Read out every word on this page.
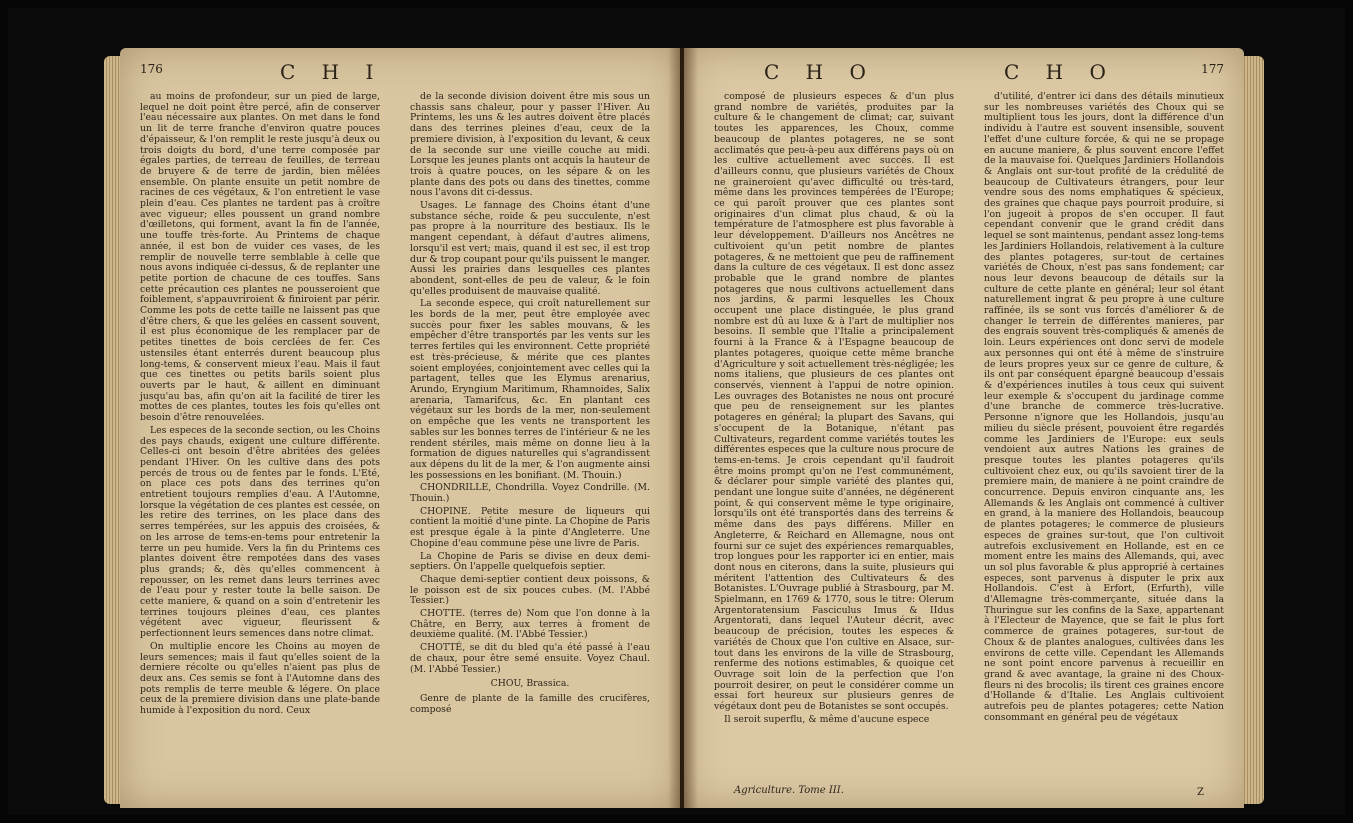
176	C H I

au moins de profondeur, sur un pied de large, lequel ne doit point être percé, afin de conserver l'eau nécessaire aux plantes. On met dans le fond un lit de terre franche d'environ quatre pouces d'épaisseur, & l'on remplit le reste jusqu'à deux ou trois doigts du bord, d'une terre composée par égales parties, de terreau de feuilles, de terreau de bruyere & de terre de jardin, bien mêlées ensemble. On plante ensuite un petit nombre de racines de ces végétaux, & l'on entretient le vase plein d'eau. Ces plantes ne tardent pas à croître avec vigueur; elles poussent un grand nombre d'œilletons, qui forment, avant la fin de l'année, une touffe très-forte. Au Printems de chaque année, il est bon de vuider ces vases, de les remplir de nouvelle terre semblable à celle que nous avons indiquée ci-dessus, & de replanter une petite portion de chacune de ces touffes. Sans cette précaution ces plantes ne pousseroient que foiblement, s'appauvriroient & finiroient par périr. Comme les pots de cette taille ne laissent pas que d'être chers, & que les gelées en cassent souvent, il est plus économique de les remplacer par de petites tinettes de bois cerclées de fer. Ces ustensiles étant enterrés durent beaucoup plus long-tems, & conservent mieux l'eau. Mais il faut que ces tinettes ou petits barils soient plus ouverts par le haut, & aillent en diminuant jusqu'au bas, afin qu'on ait la facilité de tirer les mottes de ces plantes, toutes les fois qu'elles ont besoin d'être renouvelées.

Les especes de la seconde section, ou les Choins des pays chauds, exigent une culture différente. Celles-ci ont besoin d'être abritées des gelées pendant l'Hiver. On les cultive dans des pots percés de trous ou de fentes par le fonds. L'Eté, on place ces pots dans des terrines qu'on entretient toujours remplies d'eau. A l'Automne, lorsque la végétation de ces plantes est cessée, on les retire des terrines, on les place dans des serres tempérées, sur les appuis des croisées, & on les arrose de tems-en-tems pour entretenir la terre un peu humide. Vers la fin du Printems ces plantes doivent être rempotées dans des vases plus grands; &, dès qu'elles commencent à repousser, on les remet dans leurs terrines avec de l'eau pour y rester toute la belle saison. De cette maniere, & quand on a soin d'entretenir les terrines toujours pleines d'eau, ces plantes végétent avec vigueur, fleurissent & perfectionnent leurs semences dans notre climat.

On multiplie encore les Choins au moyen de leurs semences; mais il faut qu'elles soient de la derniere récolte ou qu'elles n'aient pas plus de deux ans. Ces semis se font à l'Automne dans des pots remplis de terre meuble & légere. On place ceux de la premiere division dans une plate-bande humide à l'exposition du nord. Ceux

de la seconde division doivent être mis sous un chassis sans chaleur, pour y passer l'Hiver. Au Printems, les uns & les autres doivent être placés dans des terrines pleines d'eau, ceux de la premiere division, à l'exposition du levant, & ceux de la seconde sur une vieille couche au midi. Lorsque les jeunes plants ont acquis la hauteur de trois à quatre pouces, on les sépare & on les plante dans des pots ou dans des tinettes, comme nous l'avons dit ci-dessus.

Usages. Le fannage des Choins étant d'une substance séche, roide & peu succulente, n'est pas propre à la nourriture des bestiaux. Ils le mangent cependant, à défaut d'autres alimens, lorsqu'il est vert; mais, quand il est sec, il est trop dur & trop coupant pour qu'ils puissent le manger. Aussi les prairies dans lesquelles ces plantes abondent, sont-elles de peu de valeur, & le foin qu'elles produisent de mauvaise qualité.

La seconde espece, qui croît naturellement sur les bords de la mer, peut être employée avec succès pour fixer les sables mouvans, & les empêcher d'être transportés par les vents sur les terres fertiles qui les environnent. Cette propriété est très-précieuse, & mérite que ces plantes soient employées, conjointement avec celles qui la partagent, telles que les Elymus arenarius, Arundo, Eryngium Maritimum, Rhamnoides, Salix arenaria, Tamarifcus, &c. En plantant ces végétaux sur les bords de la mer, non-seulement on empêche que les vents ne transportent les sables sur les bonnes terres de l'intérieur & ne les rendent stériles, mais même on donne lieu à la formation de digues naturelles qui s'agrandissent aux dépens du lit de la mer, & l'on augmente ainsi les possessions en les bonifiant. (M. Thouin.)

CHONDRILLE, Chondrilla. Voyez Condrille. (M. Thouin.)

CHOPINE. Petite mesure de liqueurs qui contient la moitié d'une pinte. La Chopine de Paris est presque égale à la pinte d'Angleterre. Une Chopine d'eau commune pèse une livre de Paris.

La Chopine de Paris se divise en deux demi-septiers. On l'appelle quelquefois septier.

Chaque demi-septier contient deux poissons, & le poisson est de six pouces cubes. (M. l'Abbé Tessier.)

CHOTTE. (terres de) Nom que l'on donne à la Châtre, en Berry, aux terres à froment de deuxième qualité. (M. l'Abbé Tessier.)

CHOTTÉ, se dit du bled qu'a été passé à l'eau de chaux, pour être semé ensuite. Voyez Chaul. (M. l'Abbé Tessier.)

CHOU, Brassica.

Genre de plante de la famille des crucifères, composé

C H O	C H O	177

composé de plusieurs especes & d'un plus grand nombre de variétés, produites par la culture & le changement de climat; car, suivant toutes les apparences, les Choux, comme beaucoup de plantes potageres, ne se sont acclimatés que peu-à-peu aux différens pays où on les cultive actuellement avec succès. Il est d'ailleurs connu, que plusieurs variétés de Choux ne graineroient qu'avec difficulté ou très-tard, même dans les provinces tempérées de l'Europe; ce qui paroît prouver que ces plantes sont originaires d'un climat plus chaud, & où la température de l'atmosphere est plus favorable à leur développement. D'ailleurs nos Ancêtres ne cultivoient qu'un petit nombre de plantes potageres, & ne mettoient que peu de raffinement dans la culture de ces végétaux. Il est donc assez probable que le grand nombre de plantes potageres que nous cultivons actuellement dans nos jardins, & parmi lesquelles les Choux occupent une place distinguée, le plus grand nombre est dû au luxe & à l'art de multiplier nos besoins. Il semble que l'Italie a principalement fourni à la France & à l'Espagne beaucoup de plantes potageres, quoique cette même branche d'Agriculture y soit actuellement très-négligée; les noms italiens, que plusieurs de ces plantes ont conservés, viennent à l'appui de notre opinion. Les ouvrages des Botanistes ne nous ont procuré que peu de renseignement sur les plantes potageres en général; la plupart des Savans, qui s'occupent de la Botanique, n'étant pas Cultivateurs, regardent comme variétés toutes les différentes especes que la culture nous procure de tems-en-tems. Je crois cependant qu'il faudroit être moins prompt qu'on ne l'est communément, & déclarer pour simple variété des plantes qui, pendant une longue suite d'années, ne dégénerent point, & qui conservent même le type originaire, lorsqu'ils ont été transportés dans des terreins & même dans des pays différens. Miller en Angleterre, & Reichard en Allemagne, nous ont fourni sur ce sujet des expériences remarquables, trop longues pour les rapporter ici en entier, mais dont nous en citerons, dans la suite, plusieurs qui méritent l'attention des Cultivateurs & des Botanistes. L'Ouvrage publié à Strasbourg, par M. Spielmann, en 1769 & 1770, sous le titre: Olerum Argentoratensium Fasciculus Imus & IIdus Argentorati, dans lequel l'Auteur décrit, avec beaucoup de précision, toutes les especes & variétés de Choux que l'on cultive en Alsace, sur-tout dans les environs de la ville de Strasbourg, renferme des notions estimables, & quoique cet Ouvrage soit loin de la perfection que l'on pourroit desirer, on peut le considérer comme un essai fort heureux sur plusieurs genres de végétaux dont peu de Botanistes se sont occupés.

Il seroit superflu, & même d'aucune espece

d'utilité, d'entrer ici dans des détails minutieux sur les nombreuses variétés des Choux qui se multiplient tous les jours, dont la différence d'un individu à l'autre est souvent insensible, souvent l'effet d'une culture forcée, & qui ne se propage en aucune maniere, & plus souvent encore l'effet de la mauvaise foi. Quelques Jardiniers Hollandois & Anglais ont sur-tout profité de la crédulité de beaucoup de Cultivateurs étrangers, pour leur vendre sous des noms emphatiques & spécieux, des graines que chaque pays pourroit produire, si l'on jugeoit à propos de s'en occuper. Il faut cependant convenir que le grand crédit dans lequel se sont maintenus, pendant assez long-tems les Jardiniers Hollandois, relativement à la culture des plantes potageres, sur-tout de certaines variétés de Choux, n'est pas sans fondement; car nous leur devons beaucoup de détails sur la culture de cette plante en général; leur sol étant naturellement ingrat & peu propre à une culture raffinée, ils se sont vus forcés d'améliorer & de changer le terrein de différentes manieres, par des engrais souvent très-compliqués & amenés de loin. Leurs expériences ont donc servi de modele aux personnes qui ont été à même de s'instruire de leurs propres yeux sur ce genre de culture, & ils ont par conséquent épargné beaucoup d'essais & d'expériences inutiles à tous ceux qui suivent leur exemple & s'occupent du jardinage comme d'une branche de commerce très-lucrative. Personne n'ignore que les Hollandois, jusqu'au milieu du siècle présent, pouvoient être regardés comme les Jardiniers de l'Europe: eux seuls vendoient aux autres Nations les graines de presque toutes les plantes potageres qu'ils cultivoient chez eux, ou qu'ils savoient tirer de la premiere main, de maniere à ne point craindre de concurrence. Depuis environ cinquante ans, les Allemands & les Anglais ont commencé à cultiver en grand, à la maniere des Hollandois, beaucoup de plantes potageres; le commerce de plusieurs especes de graines sur-tout, que l'on cultivoit autrefois exclusivement en Hollande, est en ce moment entre les mains des Allemands, qui, avec un sol plus favorable & plus approprié à certaines especes, sont parvenus à disputer le prix aux Hollandois. C'est à Erfort, (Erfurth), ville d'Allemagne très-commerçante, située dans la Thuringue sur les confins de la Saxe, appartenant à l'Electeur de Mayence, que se fait le plus fort commerce de graines potageres, sur-tout de Choux & de plantes analogues, cultivées dans les environs de cette ville. Cependant les Allemands ne sont point encore parvenus à recueillir en grand & avec avantage, la graine ni des Choux-fleurs ni des brocolis; ils tirent ces graines encore d'Hollande & d'Italie. Les Anglais cultivoient autrefois peu de plantes potageres; cette Nation consommant en général peu de végétaux

Agriculture. Tome III.	Z
